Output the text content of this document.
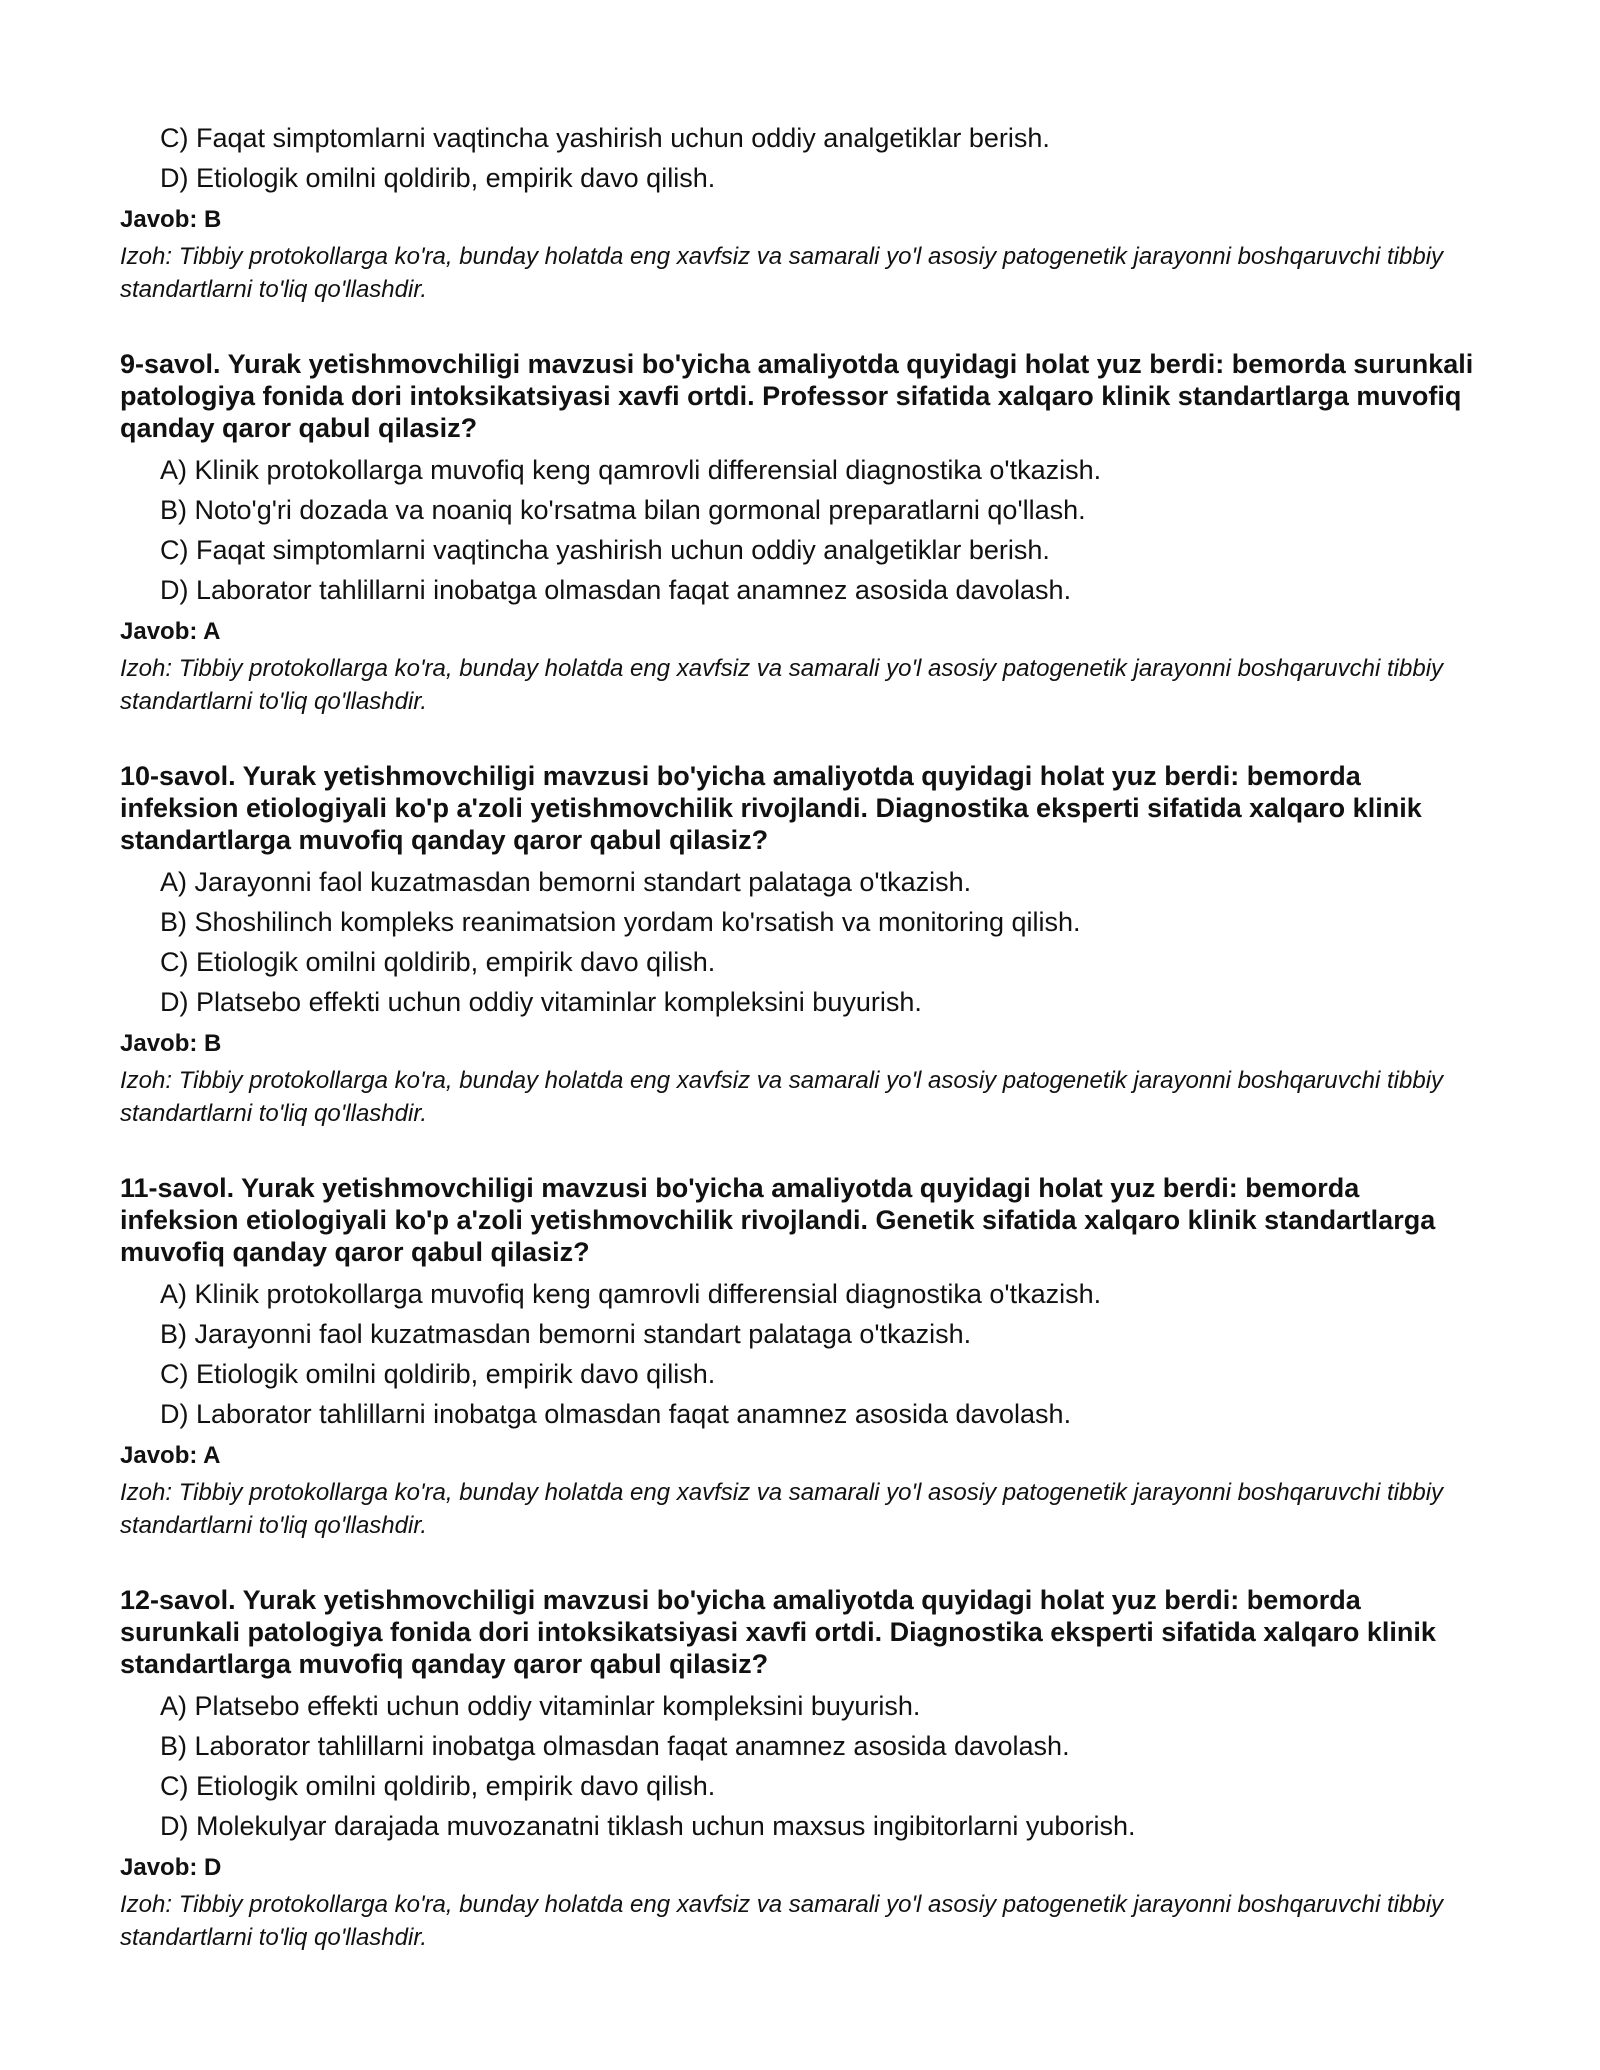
C) Faqat simptomlarni vaqtincha yashirish uchun oddiy analgetiklar berish.
D) Etiologik omilni qoldirib, empirik davo qilish.
Javob: B
Izoh: Tibbiy protokollarga ko'ra, bunday holatda eng xavfsiz va samarali yo'l asosiy patogenetik jarayonni boshqaruvchi tibbiy standartlarni to'liq qo'llashdir.

9-savol. Yurak yetishmovchiligi mavzusi bo'yicha amaliyotda quyidagi holat yuz berdi: bemorda surunkali patologiya fonida dori intoksikatsiyasi xavfi ortdi. Professor sifatida xalqaro klinik standartlarga muvofiq qanday qaror qabul qilasiz?

A) Klinik protokollarga muvofiq keng qamrovli differensial diagnostika o'tkazish.
B) Noto'g'ri dozada va noaniq ko'rsatma bilan gormonal preparatlarni qo'llash.
C) Faqat simptomlarni vaqtincha yashirish uchun oddiy analgetiklar berish.
D) Laborator tahlillarni inobatga olmasdan faqat anamnez asosida davolash.
Javob: A
Izoh: Tibbiy protokollarga ko'ra, bunday holatda eng xavfsiz va samarali yo'l asosiy patogenetik jarayonni boshqaruvchi tibbiy standartlarni to'liq qo'llashdir.

10-savol. Yurak yetishmovchiligi mavzusi bo'yicha amaliyotda quyidagi holat yuz berdi: bemorda infeksion etiologiyali ko'p a'zoli yetishmovchilik rivojlandi. Diagnostika eksperti sifatida xalqaro klinik standartlarga muvofiq qanday qaror qabul qilasiz?

A) Jarayonni faol kuzatmasdan bemorni standart palataga o'tkazish.
B) Shoshilinch kompleks reanimatsion yordam ko'rsatish va monitoring qilish.
C) Etiologik omilni qoldirib, empirik davo qilish.
D) Platsebo effekti uchun oddiy vitaminlar kompleksini buyurish.
Javob: B
Izoh: Tibbiy protokollarga ko'ra, bunday holatda eng xavfsiz va samarali yo'l asosiy patogenetik jarayonni boshqaruvchi tibbiy standartlarni to'liq qo'llashdir.

11-savol. Yurak yetishmovchiligi mavzusi bo'yicha amaliyotda quyidagi holat yuz berdi: bemorda infeksion etiologiyali ko'p a'zoli yetishmovchilik rivojlandi. Genetik sifatida xalqaro klinik standartlarga muvofiq qanday qaror qabul qilasiz?

A) Klinik protokollarga muvofiq keng qamrovli differensial diagnostika o'tkazish.
B) Jarayonni faol kuzatmasdan bemorni standart palataga o'tkazish.
C) Etiologik omilni qoldirib, empirik davo qilish.
D) Laborator tahlillarni inobatga olmasdan faqat anamnez asosida davolash.
Javob: A
Izoh: Tibbiy protokollarga ko'ra, bunday holatda eng xavfsiz va samarali yo'l asosiy patogenetik jarayonni boshqaruvchi tibbiy standartlarni to'liq qo'llashdir.

12-savol. Yurak yetishmovchiligi mavzusi bo'yicha amaliyotda quyidagi holat yuz berdi: bemorda surunkali patologiya fonida dori intoksikatsiyasi xavfi ortdi. Diagnostika eksperti sifatida xalqaro klinik standartlarga muvofiq qanday qaror qabul qilasiz?

A) Platsebo effekti uchun oddiy vitaminlar kompleksini buyurish.
B) Laborator tahlillarni inobatga olmasdan faqat anamnez asosida davolash.
C) Etiologik omilni qoldirib, empirik davo qilish.
D) Molekulyar darajada muvozanatni tiklash uchun maxsus ingibitorlarni yuborish.
Javob: D
Izoh: Tibbiy protokollarga ko'ra, bunday holatda eng xavfsiz va samarali yo'l asosiy patogenetik jarayonni boshqaruvchi tibbiy standartlarni to'liq qo'llashdir.
